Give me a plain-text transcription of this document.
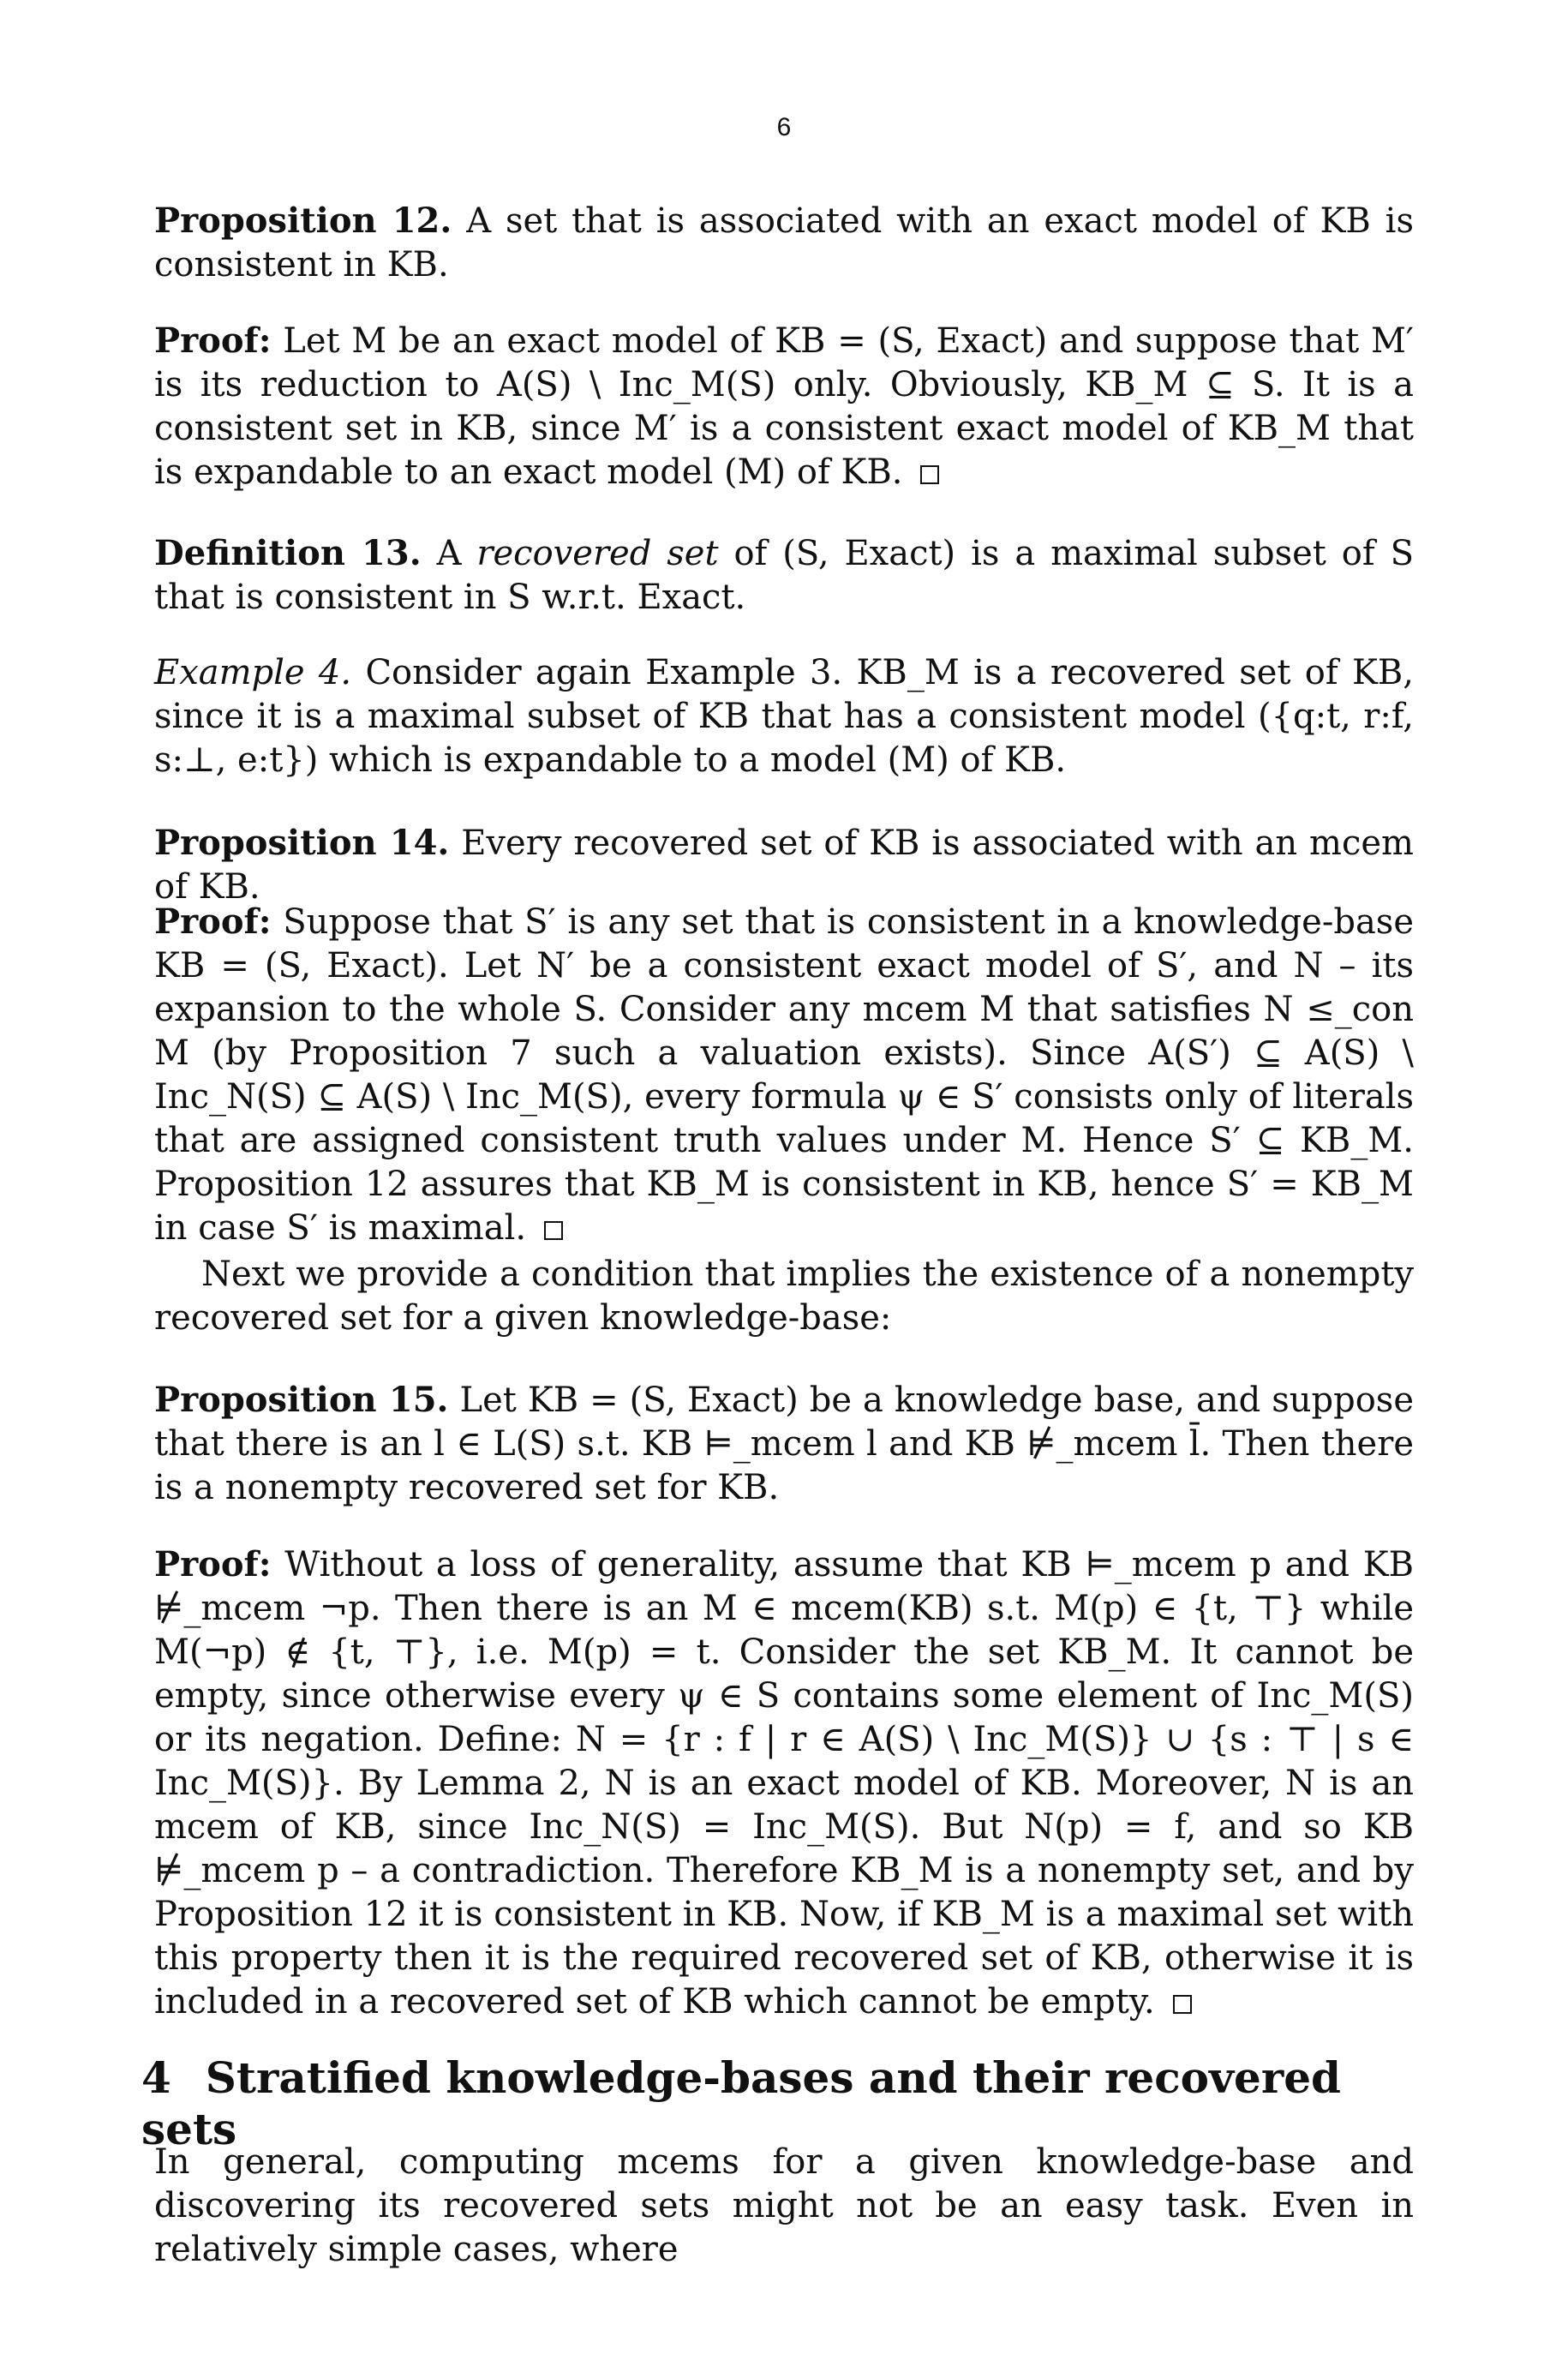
6
Proposition 12. A set that is associated with an exact model of KB is consistent in KB.
Proof: Let M be an exact model of KB = (S, Exact) and suppose that M′ is its reduction to A(S) \ Inc_M(S) only. Obviously, KB_M ⊆ S. It is a consistent set in KB, since M′ is a consistent exact model of KB_M that is expandable to an exact model (M) of KB.
Definition 13. A recovered set of (S, Exact) is a maximal subset of S that is consistent in S w.r.t. Exact.
Example 4. Consider again Example 3. KB_M is a recovered set of KB, since it is a maximal subset of KB that has a consistent model ({q:t, r:f, s:⊥, e:t}) which is expandable to a model (M) of KB.
Proposition 14. Every recovered set of KB is associated with an mcem of KB.
Proof: Suppose that S′ is any set that is consistent in a knowledge-base KB = (S, Exact). Let N′ be a consistent exact model of S′, and N – its expansion to the whole S. Consider any mcem M that satisfies N ≤_con M (by Proposition 7 such a valuation exists). Since A(S′) ⊆ A(S) \ Inc_N(S) ⊆ A(S) \ Inc_M(S), every formula ψ ∈ S′ consists only of literals that are assigned consistent truth values under M. Hence S′ ⊆ KB_M. Proposition 12 assures that KB_M is consistent in KB, hence S′ = KB_M in case S′ is maximal.
Next we provide a condition that implies the existence of a nonempty recovered set for a given knowledge-base:
Proposition 15. Let KB = (S, Exact) be a knowledge base, and suppose that there is an l ∈ L(S) s.t. KB ⊨_mcem l and KB ⊭_mcem l̄. Then there is a nonempty recovered set for KB.
Proof: Without a loss of generality, assume that KB ⊨_mcem p and KB ⊭_mcem ¬p. Then there is an M ∈ mcem(KB) s.t. M(p) ∈ {t, ⊤} while M(¬p) ∉ {t, ⊤}, i.e. M(p) = t. Consider the set KB_M. It cannot be empty, since otherwise every ψ ∈ S contains some element of Inc_M(S) or its negation. Define: N = {r : f | r ∈ A(S) \ Inc_M(S)} ∪ {s : ⊤ | s ∈ Inc_M(S)}. By Lemma 2, N is an exact model of KB. Moreover, N is an mcem of KB, since Inc_N(S) = Inc_M(S). But N(p) = f, and so KB ⊭_mcem p – a contradiction. Therefore KB_M is a nonempty set, and by Proposition 12 it is consistent in KB. Now, if KB_M is a maximal set with this property then it is the required recovered set of KB, otherwise it is included in a recovered set of KB which cannot be empty.
4 Stratified knowledge-bases and their recovered sets
In general, computing mcems for a given knowledge-base and discovering its recovered sets might not be an easy task. Even in relatively simple cases, where
